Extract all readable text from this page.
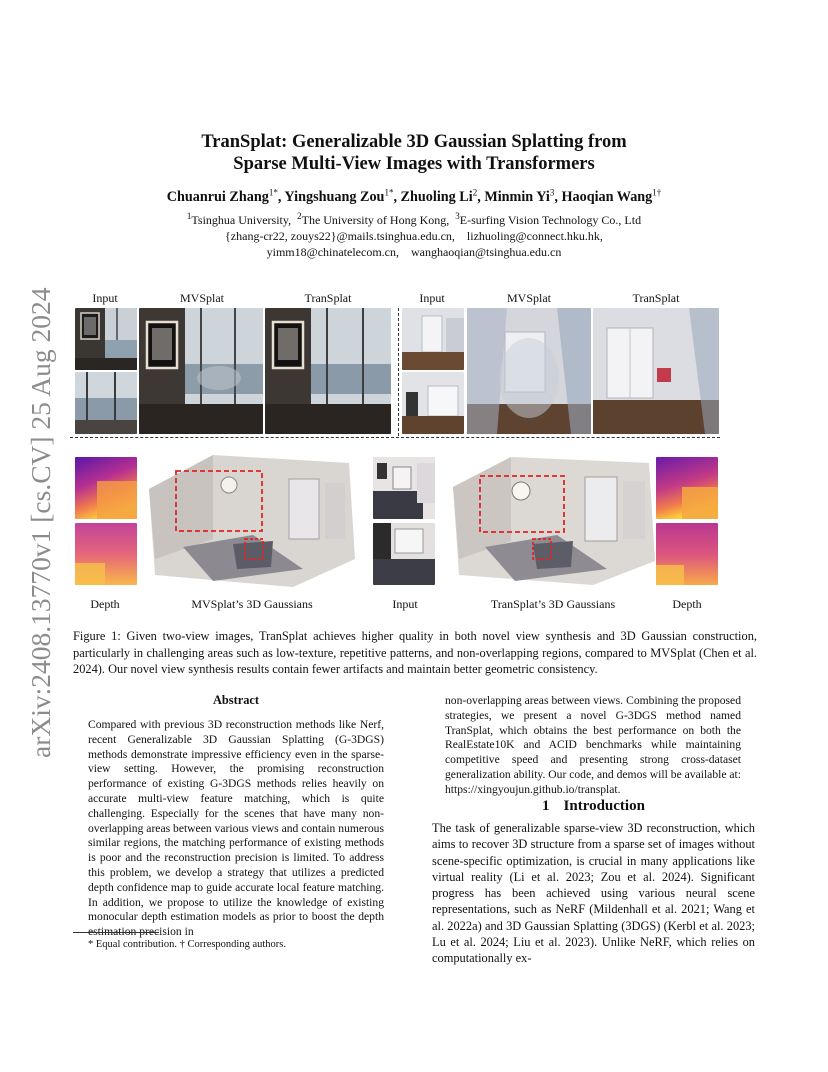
arXiv:2408.13770v1 [cs.CV] 25 Aug 2024
TranSplat: Generalizable 3D Gaussian Splatting from
Sparse Multi-View Images with Transformers
Chuanrui Zhang$^{1*}$, Yingshuang Zou$^{1*}$, Zhuoling Li$^2$, Minmin Yi$^3$, Haoqian Wang$^{1\dagger}$
$^1$Tsinghua University, $^2$The University of Hong Kong, $^3$E-surfing Vision Technology Co., Ltd
{zhang-cr22, zouys22}@mails.tsinghua.edu.cn,    lizhuoling@connect.hku.hk,
yimm18@chinatelecom.cn,    wanghaoqian@tsinghua.edu.cn
Input	MVSplat	TranSplat	Input	MVSplat	TranSplat
Depth	MVSplat’s 3D Gaussians	Input	TranSplat’s 3D Gaussians	Depth
Figure 1: Given two-view images, TranSplat achieves higher quality in both novel view synthesis and 3D Gaussian construction, particularly in challenging areas such as low-texture, repetitive patterns, and non-overlapping regions, compared to MVSplat (Chen et al. 2024). Our novel view synthesis results contain fewer artifacts and maintain better geometric consistency.
Abstract
Compared with previous 3D reconstruction methods like Nerf, recent Generalizable 3D Gaussian Splatting (G-3DGS) methods demonstrate impressive efficiency even in the sparse-view setting. However, the promising reconstruction performance of existing G-3DGS methods relies heavily on accurate multi-view feature matching, which is quite challenging. Especially for the scenes that have many non-overlapping areas between various views and contain numerous similar regions, the matching performance of existing methods is poor and the reconstruction precision is limited. To address this problem, we develop a strategy that utilizes a predicted depth confidence map to guide accurate local feature matching. In addition, we propose to utilize the knowledge of existing monocular depth estimation models as prior to boost the depth estimation precision in
non-overlapping areas between views. Combining the proposed strategies, we present a novel G-3DGS method named TranSplat, which obtains the best performance on both the RealEstate10K and ACID benchmarks while maintaining competitive speed and presenting strong cross-dataset generalization ability. Our code, and demos will be available at: https://xingyoujun.github.io/transplat.
1 Introduction
The task of generalizable sparse-view 3D reconstruction, which aims to recover 3D structure from a sparse set of images without scene-specific optimization, is crucial in many applications like virtual reality (Li et al. 2023; Zou et al. 2024). Significant progress has been achieved using various neural scene representations, such as NeRF (Mildenhall et al. 2021; Wang et al. 2022a) and 3D Gaussian Splatting (3DGS) (Kerbl et al. 2023; Lu et al. 2024; Liu et al. 2023). Unlike NeRF, which relies on computationally ex-
* Equal contribution. † Corresponding authors.
